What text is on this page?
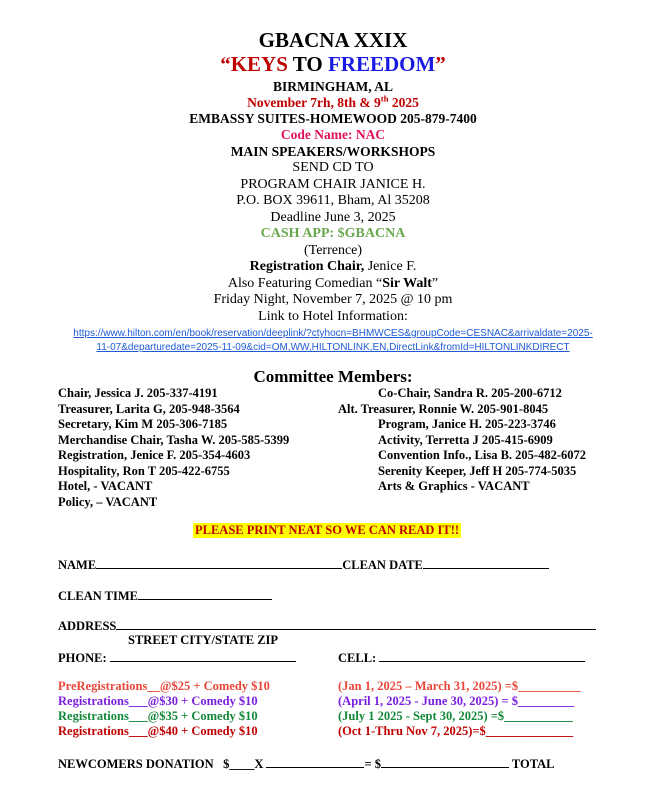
GBACNA XXIX
“KEYS TO FREEDOM”
BIRMINGHAM, AL
November 7rh, 8th & 9th 2025
EMBASSY SUITES-HOMEWOOD 205-879-7400
Code Name: NAC
MAIN SPEAKERS/WORKSHOPS
SEND CD TO
PROGRAM CHAIR JANICE H.
P.O. BOX 39611, Bham, Al 35208
Deadline June 3, 2025
CASH APP: $GBACNA
(Terrence)
Registration Chair, Jenice F.
Also Featuring Comedian “Sir Walt”
Friday Night, November 7, 2025 @ 10 pm
Link to Hotel Information:
https://www.hilton.com/en/book/reservation/deeplink/?ctyhocn=BHMWCES&groupCode=CESNAC&arrivaldate=2025-
11-07&departuredate=2025-11-09&cid=OM,WW,HILTONLINK,EN,DirectLink&fromId=HILTONLINKDIRECT
Committee Members:
Chair, Jessica J. 205-337-4191
Treasurer, Larita G, 205-948-3564
Secretary, Kim M 205-306-7185
Merchandise Chair, Tasha W. 205-585-5399
Registration, Jenice F. 205-354-4603
Hospitality, Ron T 205-422-6755
Hotel, - VACANT
Policy, – VACANT
Co-Chair, Sandra R. 205-200-6712
Alt. Treasurer, Ronnie W. 205-901-8045
Program, Janice H. 205-223-3746
Activity, Terretta J 205-415-6909
Convention Info., Lisa B. 205-482-6072
Serenity Keeper, Jeff H 205-774-5035
Arts & Graphics - VACANT
PLEASE PRINT NEAT SO WE CAN READ IT!!
NAME	CLEAN DATE
CLEAN TIME
ADDRESS
STREET CITY/STATE ZIP
PHONE:	CELL:
PreRegistrations__@$25 + Comedy $10	(Jan 1, 2025 – March 31, 2025) =$__________
Registrations___@$30 + Comedy $10	(April 1, 2025 - June 30, 2025) = $_________
Registrations___@$35 + Comedy $10	(July 1 2025 - Sept 30, 2025) =$___________
Registrations___@$40 + Comedy $10	(Oct 1-Thru Nov 7, 2025)=$______________
NEWCOMERS DONATION $____X	= $	TOTAL
